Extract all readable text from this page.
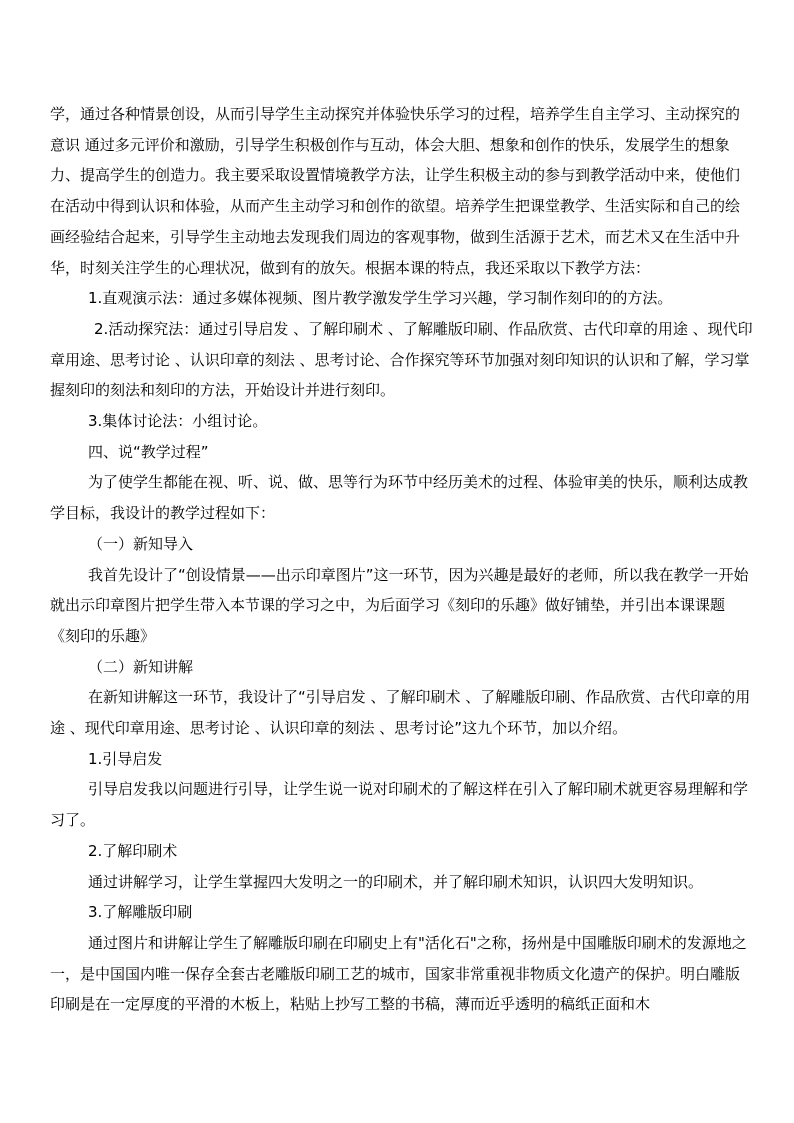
学，通过各种情景创设，从而引导学生主动探究并体验快乐学习的过程，培养学生自主学习、主动探究的意识 通过多元评价和激励，引导学生积极创作与互动，体会大胆、想象和创作的快乐，发展学生的想象力、提高学生的创造力。我主要采取设置情境教学方法，让学生积极主动的参与到教学活动中来，使他们在活动中得到认识和体验，从而产生主动学习和创作的欲望。培养学生把课堂教学、生活实际和自己的绘画经验结合起来，引导学生主动地去发现我们周边的客观事物，做到生活源于艺术，而艺术又在生活中升华，时刻关注学生的心理状况，做到有的放矢。根据本课的特点，我还采取以下教学方法：

1.直观演示法：通过多媒体视频、图片教学激发学生学习兴趣，学习制作刻印的的方法。

2.活动探究法：通过引导启发 、了解印刷术 、了解雕版印刷、作品欣赏、古代印章的用途 、现代印章用途、思考讨论 、认识印章的刻法 、思考讨论、合作探究等环节加强对刻印知识的认识和了解，学习掌握刻印的刻法和刻印的方法，开始设计并进行刻印。

3.集体讨论法：小组讨论。

四、说“教学过程”

为了使学生都能在视、听、说、做、思等行为环节中经历美术的过程、体验审美的快乐，顺利达成教学目标，我设计的教学过程如下：

（一）新知导入

我首先设计了“创设情景——出示印章图片”这一环节，因为兴趣是最好的老师，所以我在教学一开始就出示印章图片把学生带入本节课的学习之中，为后面学习《刻印的乐趣》做好铺垫，并引出本课课题《刻印的乐趣》

（二）新知讲解

在新知讲解这一环节，我设计了“引导启发 、了解印刷术 、了解雕版印刷、作品欣赏、古代印章的用途 、现代印章用途、思考讨论 、认识印章的刻法 、思考讨论”这九个环节，加以介绍。

1.引导启发

引导启发我以问题进行引导，让学生说一说对印刷术的了解这样在引入了解印刷术就更容易理解和学习了。

2.了解印刷术

通过讲解学习，让学生掌握四大发明之一的印刷术，并了解印刷术知识，认识四大发明知识。

3.了解雕版印刷

通过图片和讲解让学生了解雕版印刷在印刷史上有"活化石"之称，扬州是中国雕版印刷术的发源地之一，是中国国内唯一保存全套古老雕版印刷工艺的城市，国家非常重视非物质文化遗产的保护。明白雕版印刷是在一定厚度的平滑的木板上，粘贴上抄写工整的书稿，薄而近乎透明的稿纸正面和木
